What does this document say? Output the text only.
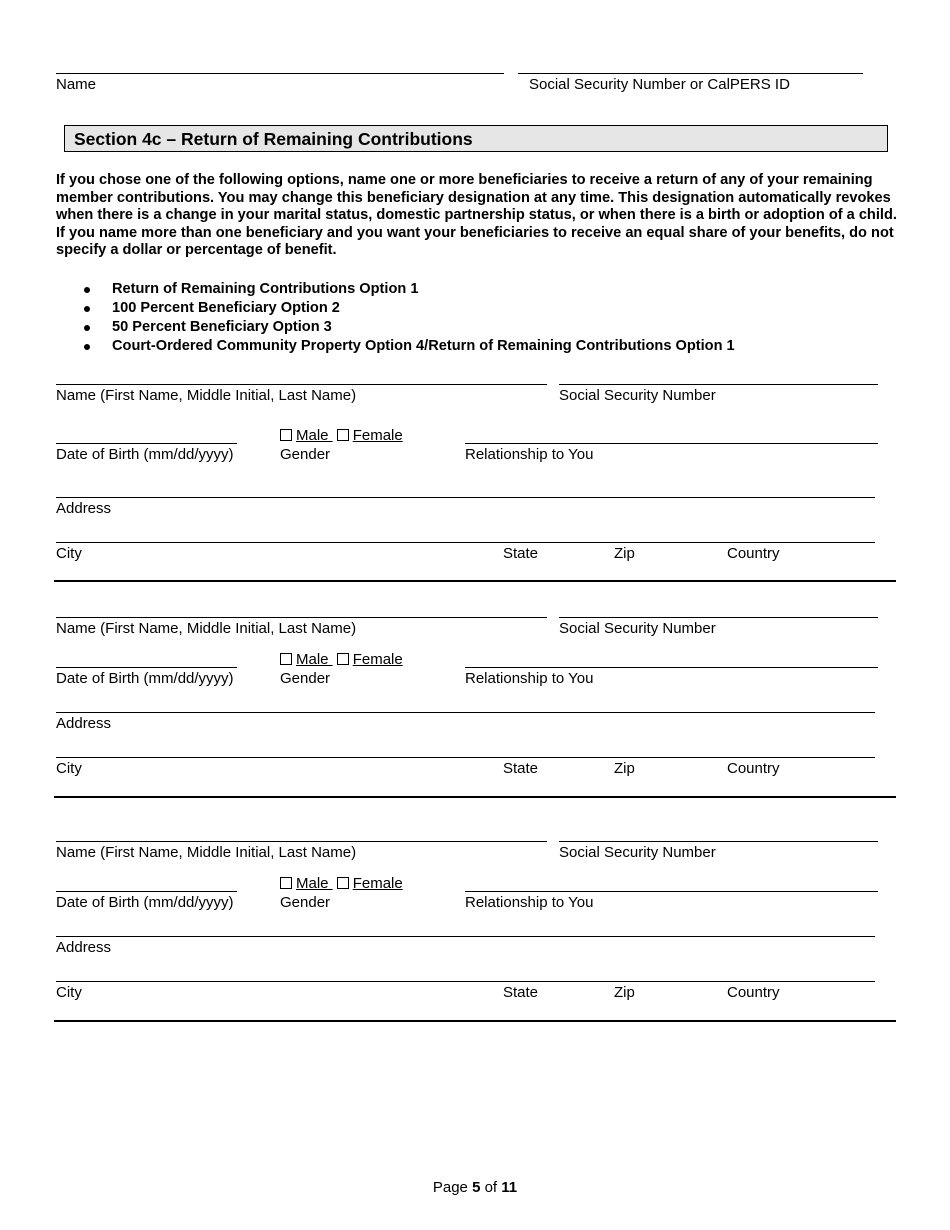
Name	Social Security Number or CalPERS ID
Section 4c – Return of Remaining Contributions
If you chose one of the following options, name one or more beneficiaries to receive a return of any of your remaining member contributions. You may change this beneficiary designation at any time. This designation automatically revokes when there is a change in your marital status, domestic partnership status, or when there is a birth or adoption of a child. If you name more than one beneficiary and you want your beneficiaries to receive an equal share of your benefits, do not specify a dollar or percentage of benefit.
Return of Remaining Contributions Option 1
100 Percent Beneficiary Option 2
50 Percent Beneficiary Option 3
Court-Ordered Community Property Option 4/Return of Remaining Contributions Option 1
Name (First Name, Middle Initial, Last Name)	Social Security Number
Male Female
Date of Birth (mm/dd/yyyy)	Gender	Relationship to You
Address
City	State	Zip	Country
Name (First Name, Middle Initial, Last Name)	Social Security Number
Male Female
Date of Birth (mm/dd/yyyy)	Gender	Relationship to You
Address
City	State	Zip	Country
Name (First Name, Middle Initial, Last Name)	Social Security Number
Male Female
Date of Birth (mm/dd/yyyy)	Gender	Relationship to You
Address
City	State	Zip	Country
Page 5 of 11
